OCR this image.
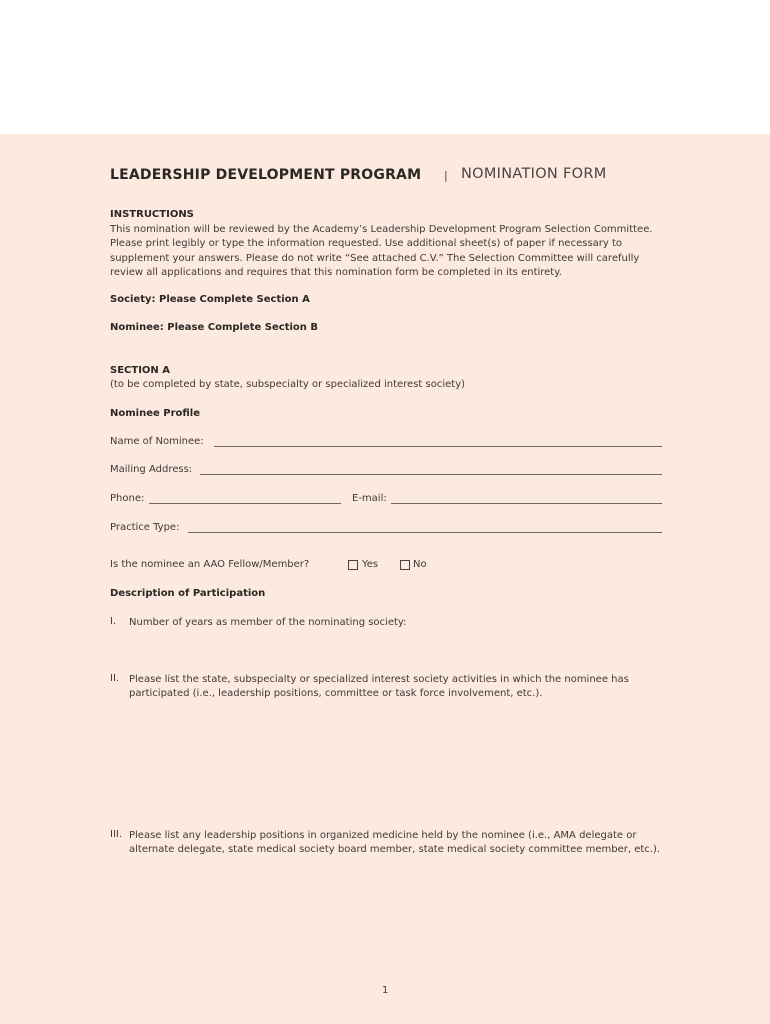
LEADERSHIP DEVELOPMENT PROGRAM | NOMINATION FORM
INSTRUCTIONS
This nomination will be reviewed by the Academy’s Leadership Development Program Selection Committee. Please print legibly or type the information requested. Use additional sheet(s) of paper if necessary to supplement your answers. Please do not write “See attached C.V.” The Selection Committee will carefully review all applications and requires that this nomination form be completed in its entirety.
Society: Please Complete Section A
Nominee: Please Complete Section B
SECTION A
(to be completed by state, subspecialty or specialized interest society)
Nominee Profile
Name of Nominee:
Mailing Address:
Phone:	E-mail:
Practice Type:
Is the nominee an AAO Fellow/Member?	Yes	No
Description of Participation
I. Number of years as member of the nominating society:
II. Please list the state, subspecialty or specialized interest society activities in which the nominee has participated (i.e., leadership positions, committee or task force involvement, etc.).
III. Please list any leadership positions in organized medicine held by the nominee (i.e., AMA delegate or alternate delegate, state medical society board member, state medical society committee member, etc.).
1
